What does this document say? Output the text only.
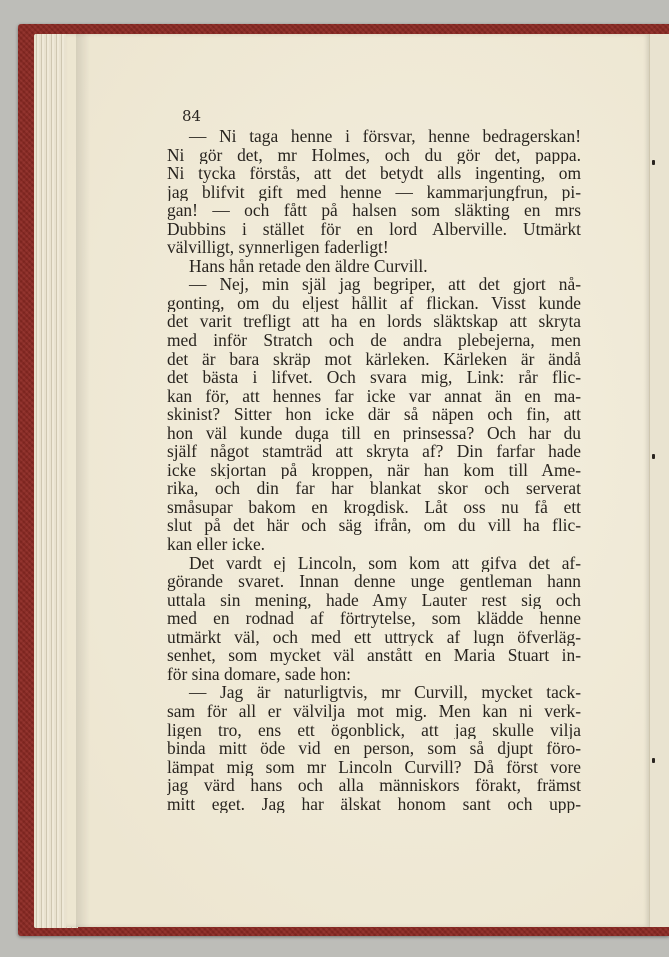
84
— Ni taga henne i försvar, henne bedragerskan!
Ni gör det, mr Holmes, och du gör det, pappa.
Ni tycka förstås, att det betydt alls ingenting, om
jag blifvit gift med henne — kammarjungfrun, pi-
gan! — och fått på halsen som släkting en mrs
Dubbins i stället för en lord Alberville. Utmärkt
välvilligt, synnerligen faderligt!
Hans hån retade den äldre Curvill.
— Nej, min själ jag begriper, att det gjort nå-
gonting, om du eljest hållit af flickan. Visst kunde
det varit trefligt att ha en lords släktskap att skryta
med inför Stratch och de andra plebejerna, men
det är bara skräp mot kärleken. Kärleken är ändå
det bästa i lifvet. Och svara mig, Link: rår flic-
kan för, att hennes far icke var annat än en ma-
skinist? Sitter hon icke där så näpen och fin, att
hon väl kunde duga till en prinsessa? Och har du
själf något stamträd att skryta af? Din farfar hade
icke skjortan på kroppen, när han kom till Ame-
rika, och din far har blankat skor och serverat
småsupar bakom en krogdisk. Låt oss nu få ett
slut på det här och säg ifrån, om du vill ha flic-
kan eller icke.
Det vardt ej Lincoln, som kom att gifva det af-
görande svaret. Innan denne unge gentleman hann
uttala sin mening, hade Amy Lauter rest sig och
med en rodnad af förtrytelse, som klädde henne
utmärkt väl, och med ett uttryck af lugn öfverläg-
senhet, som mycket väl anstått en Maria Stuart in-
för sina domare, sade hon:
— Jag är naturligtvis, mr Curvill, mycket tack-
sam för all er välvilja mot mig. Men kan ni verk-
ligen tro, ens ett ögonblick, att jag skulle vilja
binda mitt öde vid en person, som så djupt föro-
lämpat mig som mr Lincoln Curvill? Då först vore
jag värd hans och alla människors förakt, främst
mitt eget. Jag har älskat honom sant och upp-
